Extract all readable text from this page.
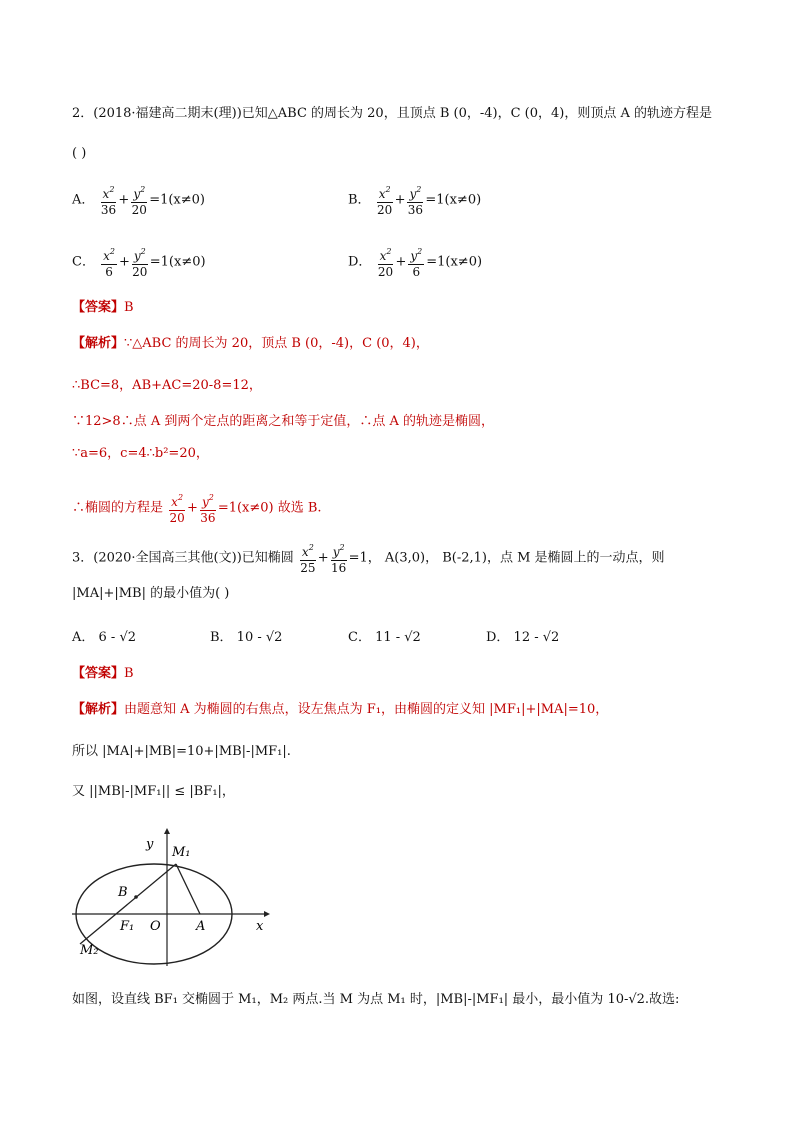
2．(2018·福建高二期末(理))已知△ABC 的周长为 20，且顶点 B (0，-4)，C (0，4)，则顶点 A 的轨迹方程是
( )
A． $\frac{x^2}{36} + \frac{y^2}{20} =1(x\ne 0)$	B． $\frac{x^2}{20} + \frac{y^2}{36} =1(x\ne 0)$
C． $\frac{x^2}{6} + \frac{y^2}{20} =1(x\ne 0)$	D． $\frac{x^2}{20} + \frac{y^2}{6} =1(x\ne 0)$
【答案】B
【解析】∵△ABC 的周长为 20，顶点 B (0，-4)，C (0，4)，
∴BC=8，AB+AC=20-8=12，
∵12>8∴点 A 到两个定点的距离之和等于定值，∴点 A 的轨迹是椭圆，
∵a=6，c=4∴b²=20，
∴椭圆的方程是 $\frac{x^2}{20} + \frac{y^2}{36} =1(x\ne 0)$ 故选 B.
3．(2020·全国高三其他(文))已知椭圆 $\frac{x^2}{25} + \frac{y^2}{16} =1$， A(3,0)， B(-2,1)，点 M 是椭圆上的一动点，则
|MA|+|MB| 的最小值为( )
A． 6 - √2	B． 10 - √2	C． 11 - √2	D． 12 - √2
【答案】B
【解析】由题意知 A 为椭圆的右焦点，设左焦点为 F₁，由椭圆的定义知 |MF₁|+|MA|=10，
所以 |MA|+|MB|=10+|MB|-|MF₁|.
又 ||MB|-|MF₁|| ≤ |BF₁|，
y
x
O	A
B
F₁
M₁
M₂
如图，设直线 BF₁ 交椭圆于 M₁，M₂ 两点.当 M 为点 M₁ 时，|MB|-|MF₁| 最小，最小值为 10-√2.故选:
